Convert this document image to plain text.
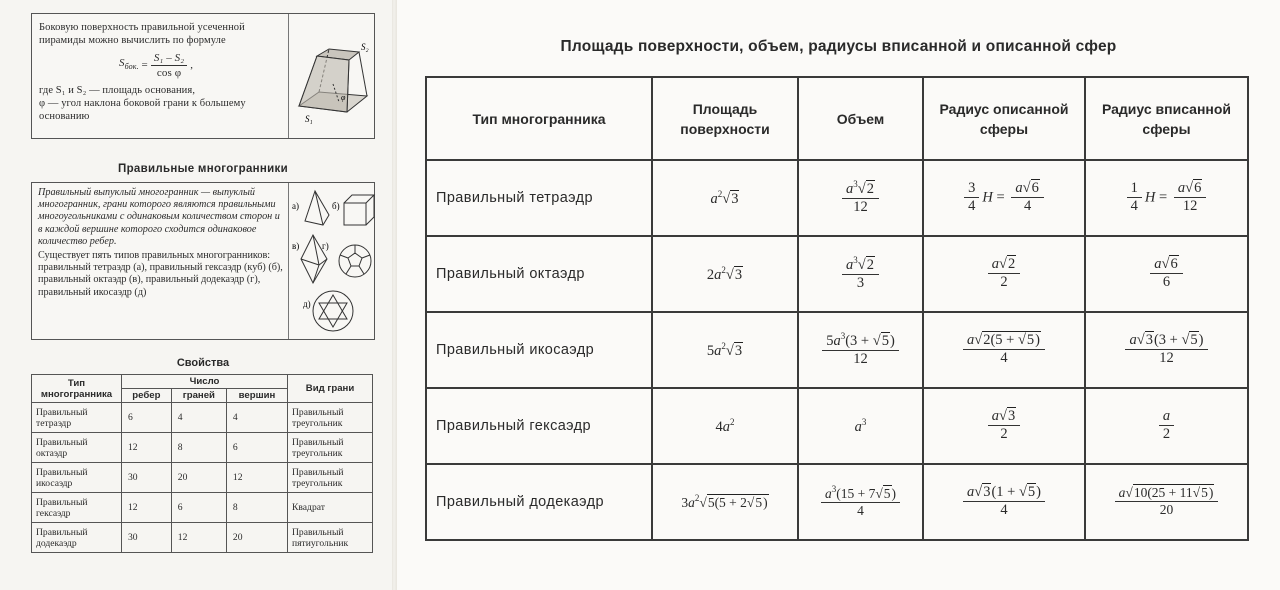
Боковую поверхность правильной усеченной пирамиды можно вычислить по формуле
$S_{бок.} = \frac{\text{S₁ – S₂}}{\text{cos φ}}$ ,
где S₁ и S₂ — площадь основания,
φ — угол наклона боковой грани к большему основанию
S₂
S₁
φ
Правильные многогранники
Правильный выпуклый многогранник — выпуклый многогранник, грани которого являются правильными многоугольниками с одинаковым количеством сторон и в каждой вершине которого сходится одинаковое количество ребер.
Существует пять типов правильных многогранников: правильный тетраэдр (а), правильный гексаэдр (куб) (б), правильный октаэдр (в), правильный додекаэдр (г), правильный икосаэдр (д)
а)	б)
в)	г)
д)
Свойства
Тип многогранника	Число			Вид грани
	ребер	граней	вершин	
Правильный тетраэдр	6	4	4	Правильный треугольник
Правильный октаэдр	12	8	6	Правильный треугольник
Правильный икосаэдр	30	20	12	Правильный треугольник
Правильный гексаэдр	12	6	8	Квадрат
Правильный додекаэдр	30	12	20	Правильный пятиугольник
Площадь поверхности, объем, радиусы вписанной и описанной сфер
Тип многогранника	Площадь поверхности	Объем	Радиус описанной сферы	Радиус вписанной сферы
Правильный тетраэдр	$a^2√3$	$\frac{a^3√2}{12}$	$\frac{3}{4}$ $H = \frac{a√6}{4}$	$\frac{1}{4}$ $H = \frac{a√6}{12}$

Правильный октаэдр	$2a^2√3$	$\frac{a^3√2}{3}$	$\frac{a√2}{2}$	$\frac{a√6}{6}$

Правильный икосаэдр	$5a^2√3$	$\frac{5a^3(3 + √5)}{12}$	$\frac{a√2(5 + √5)}{4}$	$\frac{a√3(3 + √5)}{12}$

Правильный гексаэдр	$4a^2$	$a^3$	$\frac{a√3}{2}$	$\frac{a}{2}$

Правильный додекаэдр	$3a^2√5(5 + 2√5)$	$\frac{a^3(15 + 7√5)}{4}$	$\frac{a√3(1 + √5)}{4}$	$\frac{a√10(25 + 11√5)}{20}$
